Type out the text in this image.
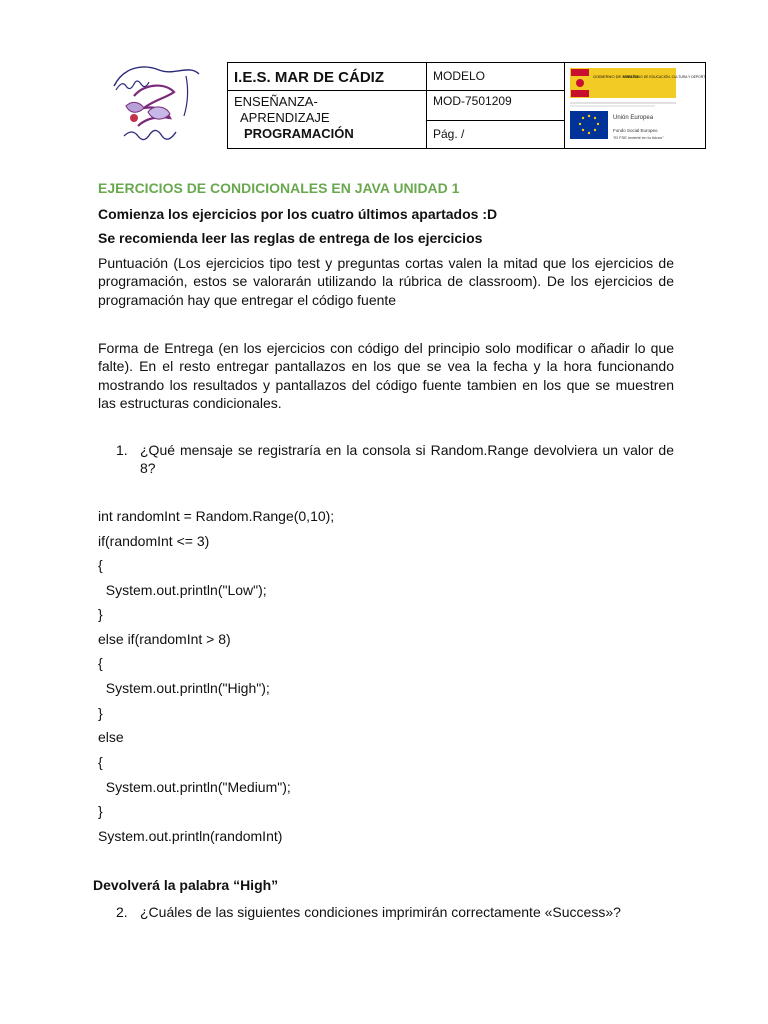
I.E.S. MAR DE CÁDIZ	MODELO	GOBIERNO DE ESPAÑA
MINISTERIO DE EDUCACIÓN, CULTURA Y DEPORTE
Unión Europea
Fondo Social Europeo
"El FSE invierte en tu futuro"

ENSEÑANZA-
APRENDIZAJE
PROGRAMACIÓN	MOD-7501209	
	Pág. /	
EJERCICIOS DE CONDICIONALES EN JAVA UNIDAD 1
Comienza los ejercicios por los cuatro últimos apartados :D
Se recomienda leer las reglas de entrega de los ejercicios
Puntuación (Los ejercicios tipo test y preguntas cortas valen la mitad que los ejercicios de programación, estos se valorarán utilizando la rúbrica de classroom). De los ejercicios de programación hay que entregar el código fuente
Forma de Entrega (en los ejercicios con código del principio solo modificar o añadir lo que falte). En el resto entregar pantallazos en los que se vea la fecha y la hora funcionando mostrando los resultados y pantallazos del código fuente tambien en los que se muestren las estructuras condicionales.
1. ¿Qué mensaje se registraría en la consola si Random.Range devolviera un valor de 8?
int randomInt = Random.Range(0,10);
if(randomInt <= 3)
{
System.out.println("Low");
}
else if(randomInt > 8)
{
System.out.println("High");
}
else
{
System.out.println("Medium");
}
System.out.println(randomInt)
Devolverá la palabra “High”
2. ¿Cuáles de las siguientes condiciones imprimirán correctamente «Success»?
